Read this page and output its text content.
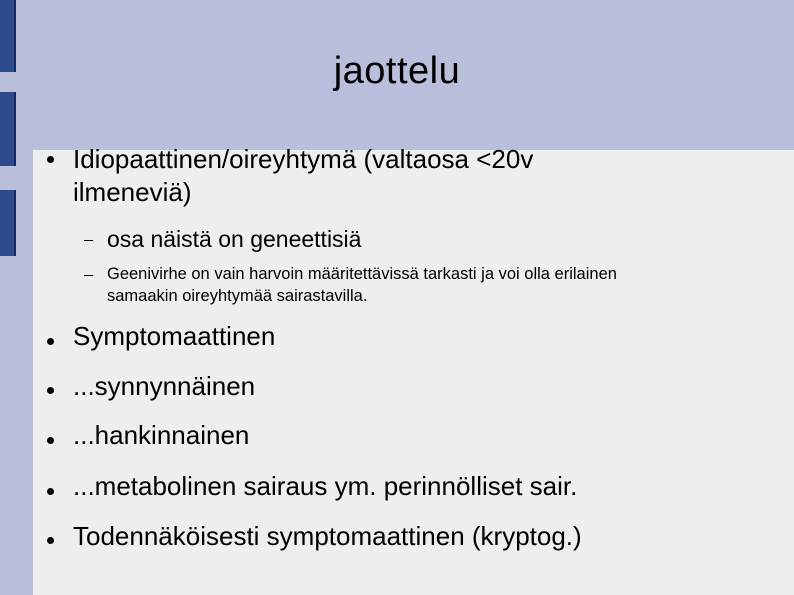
jaottelu
Idiopaattinen/oireyhtymä (valtaosa <20v
ilmeneviä)
osa näistä on geneettisiä
Geenivirhe on vain harvoin määritettävissä tarkasti ja voi olla erilainen
samaakin oireyhtymää sairastavilla.
Symptomaattinen
...synnynnäinen
...hankinnainen
...metabolinen sairaus ym. perinnölliset sair.
Todennäköisesti symptomaattinen (kryptog.)
